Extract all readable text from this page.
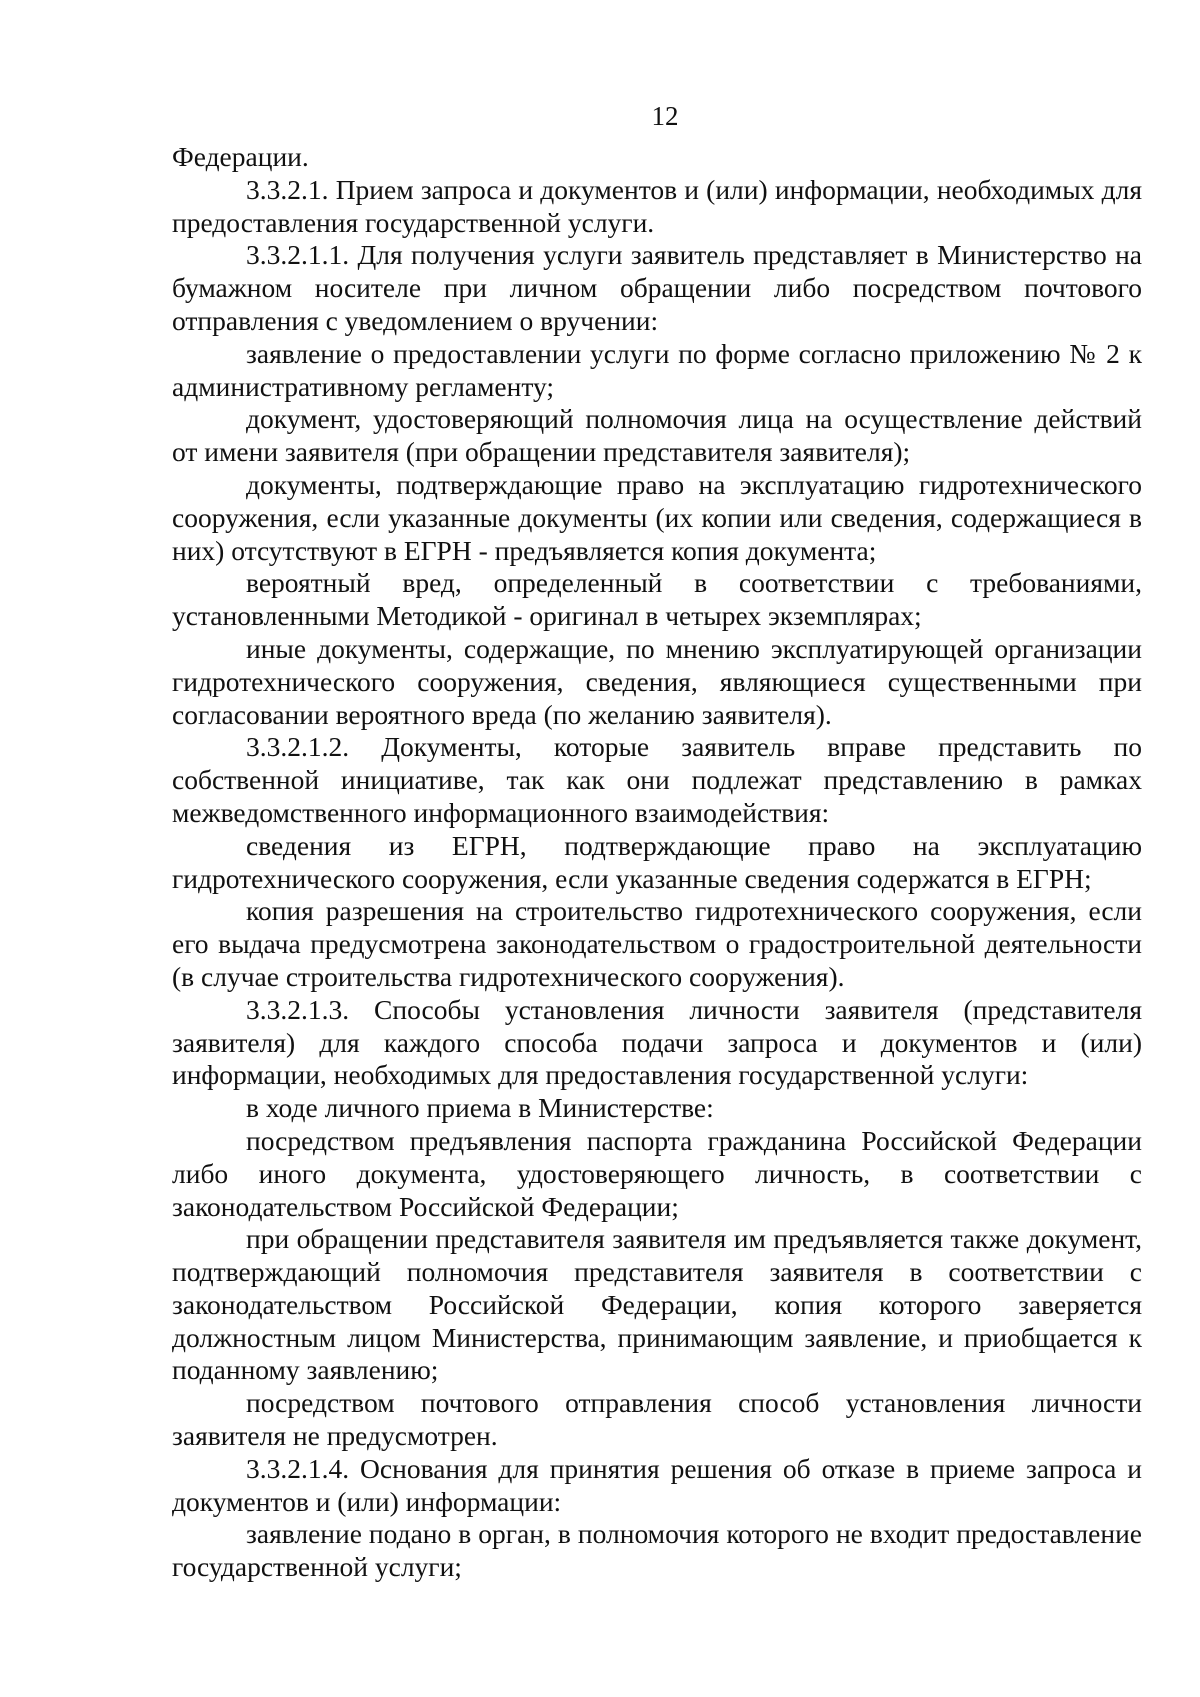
12

Федерации.

3.3.2.1. Прием запроса и документов и (или) информации, необходимых для предоставления государственной услуги.

3.3.2.1.1. Для получения услуги заявитель представляет в Министерство на бумажном носителе при личном обращении либо посредством почтового отправления с уведомлением о вручении:

заявление о предоставлении услуги по форме согласно приложению № 2 к административному регламенту;

документ, удостоверяющий полномочия лица на осуществление действий от имени заявителя (при обращении представителя заявителя);

документы, подтверждающие право на эксплуатацию гидротехнического сооружения, если указанные документы (их копии или сведения, содержащиеся в них) отсутствуют в ЕГРН - предъявляется копия документа;

вероятный вред, определенный в соответствии с требованиями, установленными Методикой - оригинал в четырех экземплярах;

иные документы, содержащие, по мнению эксплуатирующей организации гидротехнического сооружения, сведения, являющиеся существенными при согласовании вероятного вреда (по желанию заявителя).

3.3.2.1.2. Документы, которые заявитель вправе представить по собственной инициативе, так как они подлежат представлению в рамках межведомственного информационного взаимодействия:

сведения из ЕГРН, подтверждающие право на эксплуатацию гидротехнического сооружения, если указанные сведения содержатся в ЕГРН;

копия разрешения на строительство гидротехнического сооружения, если его выдача предусмотрена законодательством о градостроительной деятельности (в случае строительства гидротехнического сооружения).

3.3.2.1.3. Способы установления личности заявителя (представителя заявителя) для каждого способа подачи запроса и документов и (или) информации, необходимых для предоставления государственной услуги:

в ходе личного приема в Министерстве:

посредством предъявления паспорта гражданина Российской Федерации либо иного документа, удостоверяющего личность, в соответствии с законодательством Российской Федерации;

при обращении представителя заявителя им предъявляется также документ, подтверждающий полномочия представителя заявителя в соответствии с законодательством Российской Федерации, копия которого заверяется должностным лицом Министерства, принимающим заявление, и приобщается к поданному заявлению;

посредством почтового отправления способ установления личности заявителя не предусмотрен.

3.3.2.1.4. Основания для принятия решения об отказе в приеме запроса и документов и (или) информации:

заявление подано в орган, в полномочия которого не входит предоставление государственной услуги;
